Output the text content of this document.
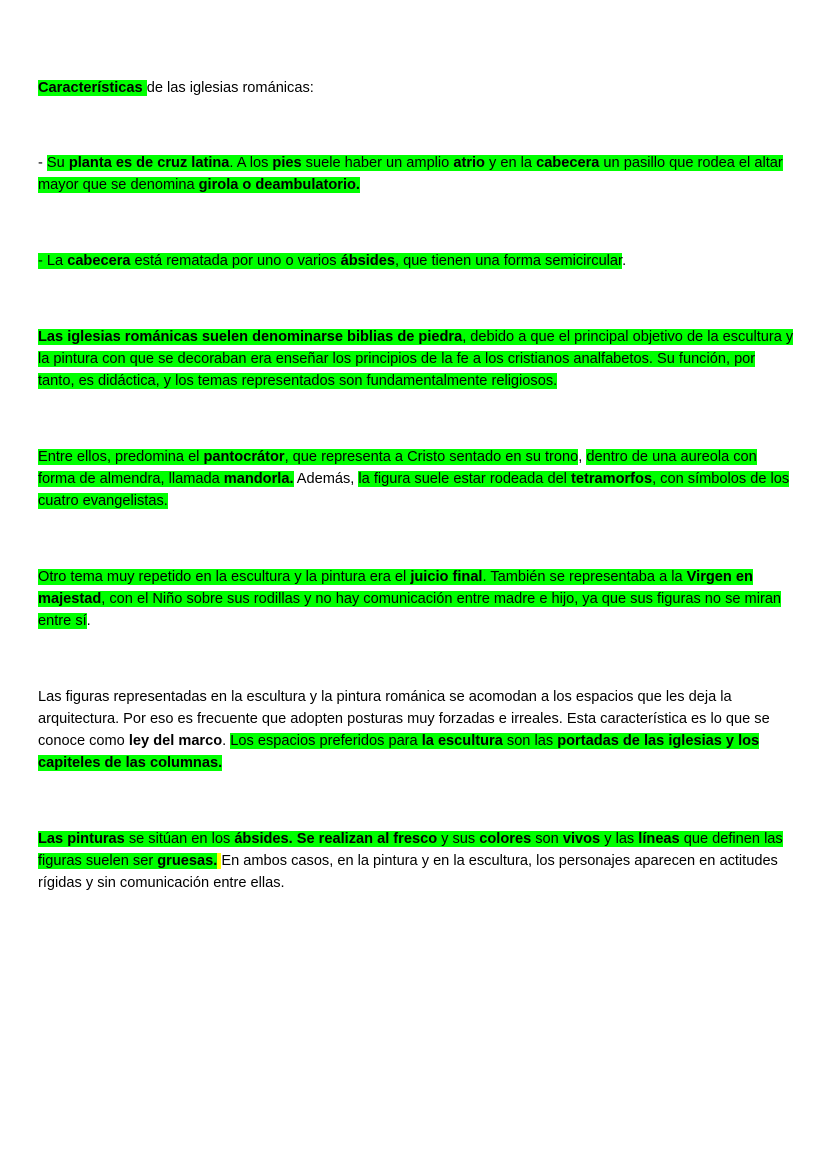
Características de las iglesias románicas:

- Su planta es de cruz latina. A los pies suele haber un amplio atrio y en la cabecera un pasillo que rodea el altar mayor que se denomina girola o deambulatorio.

- La cabecera está rematada por uno o varios ábsides, que tienen una forma semicircular.

Las iglesias románicas suelen denominarse biblias de piedra, debido a que el principal objetivo de la escultura y la pintura con que se decoraban era enseñar los principios de la fe a los cristianos analfabetos. Su función, por tanto, es didáctica, y los temas representados son fundamentalmente religiosos.

Entre ellos, predomina el pantocrátor, que representa a Cristo sentado en su trono, dentro de una aureola con forma de almendra, llamada mandorla. Además, la figura suele estar rodeada del tetramorfos, con símbolos de los cuatro evangelistas.

Otro tema muy repetido en la escultura y la pintura era el juicio final. También se representaba a la Virgen en majestad, con el Niño sobre sus rodillas y no hay comunicación entre madre e hijo, ya que sus figuras no se miran entre sí.

Las figuras representadas en la escultura y la pintura románica se acomodan a los espacios que les deja la arquitectura. Por eso es frecuente que adopten posturas muy forzadas e irreales. Esta característica es lo que se conoce como ley del marco. Los espacios preferidos para la escultura son las portadas de las iglesias y los capiteles de las columnas.

Las pinturas se sitúan en los ábsides. Se realizan al fresco y sus colores son vivos y las líneas que definen las figuras suelen ser gruesas. En ambos casos, en la pintura y en la escultura, los personajes aparecen en actitudes rígidas y sin comunicación entre ellas.
